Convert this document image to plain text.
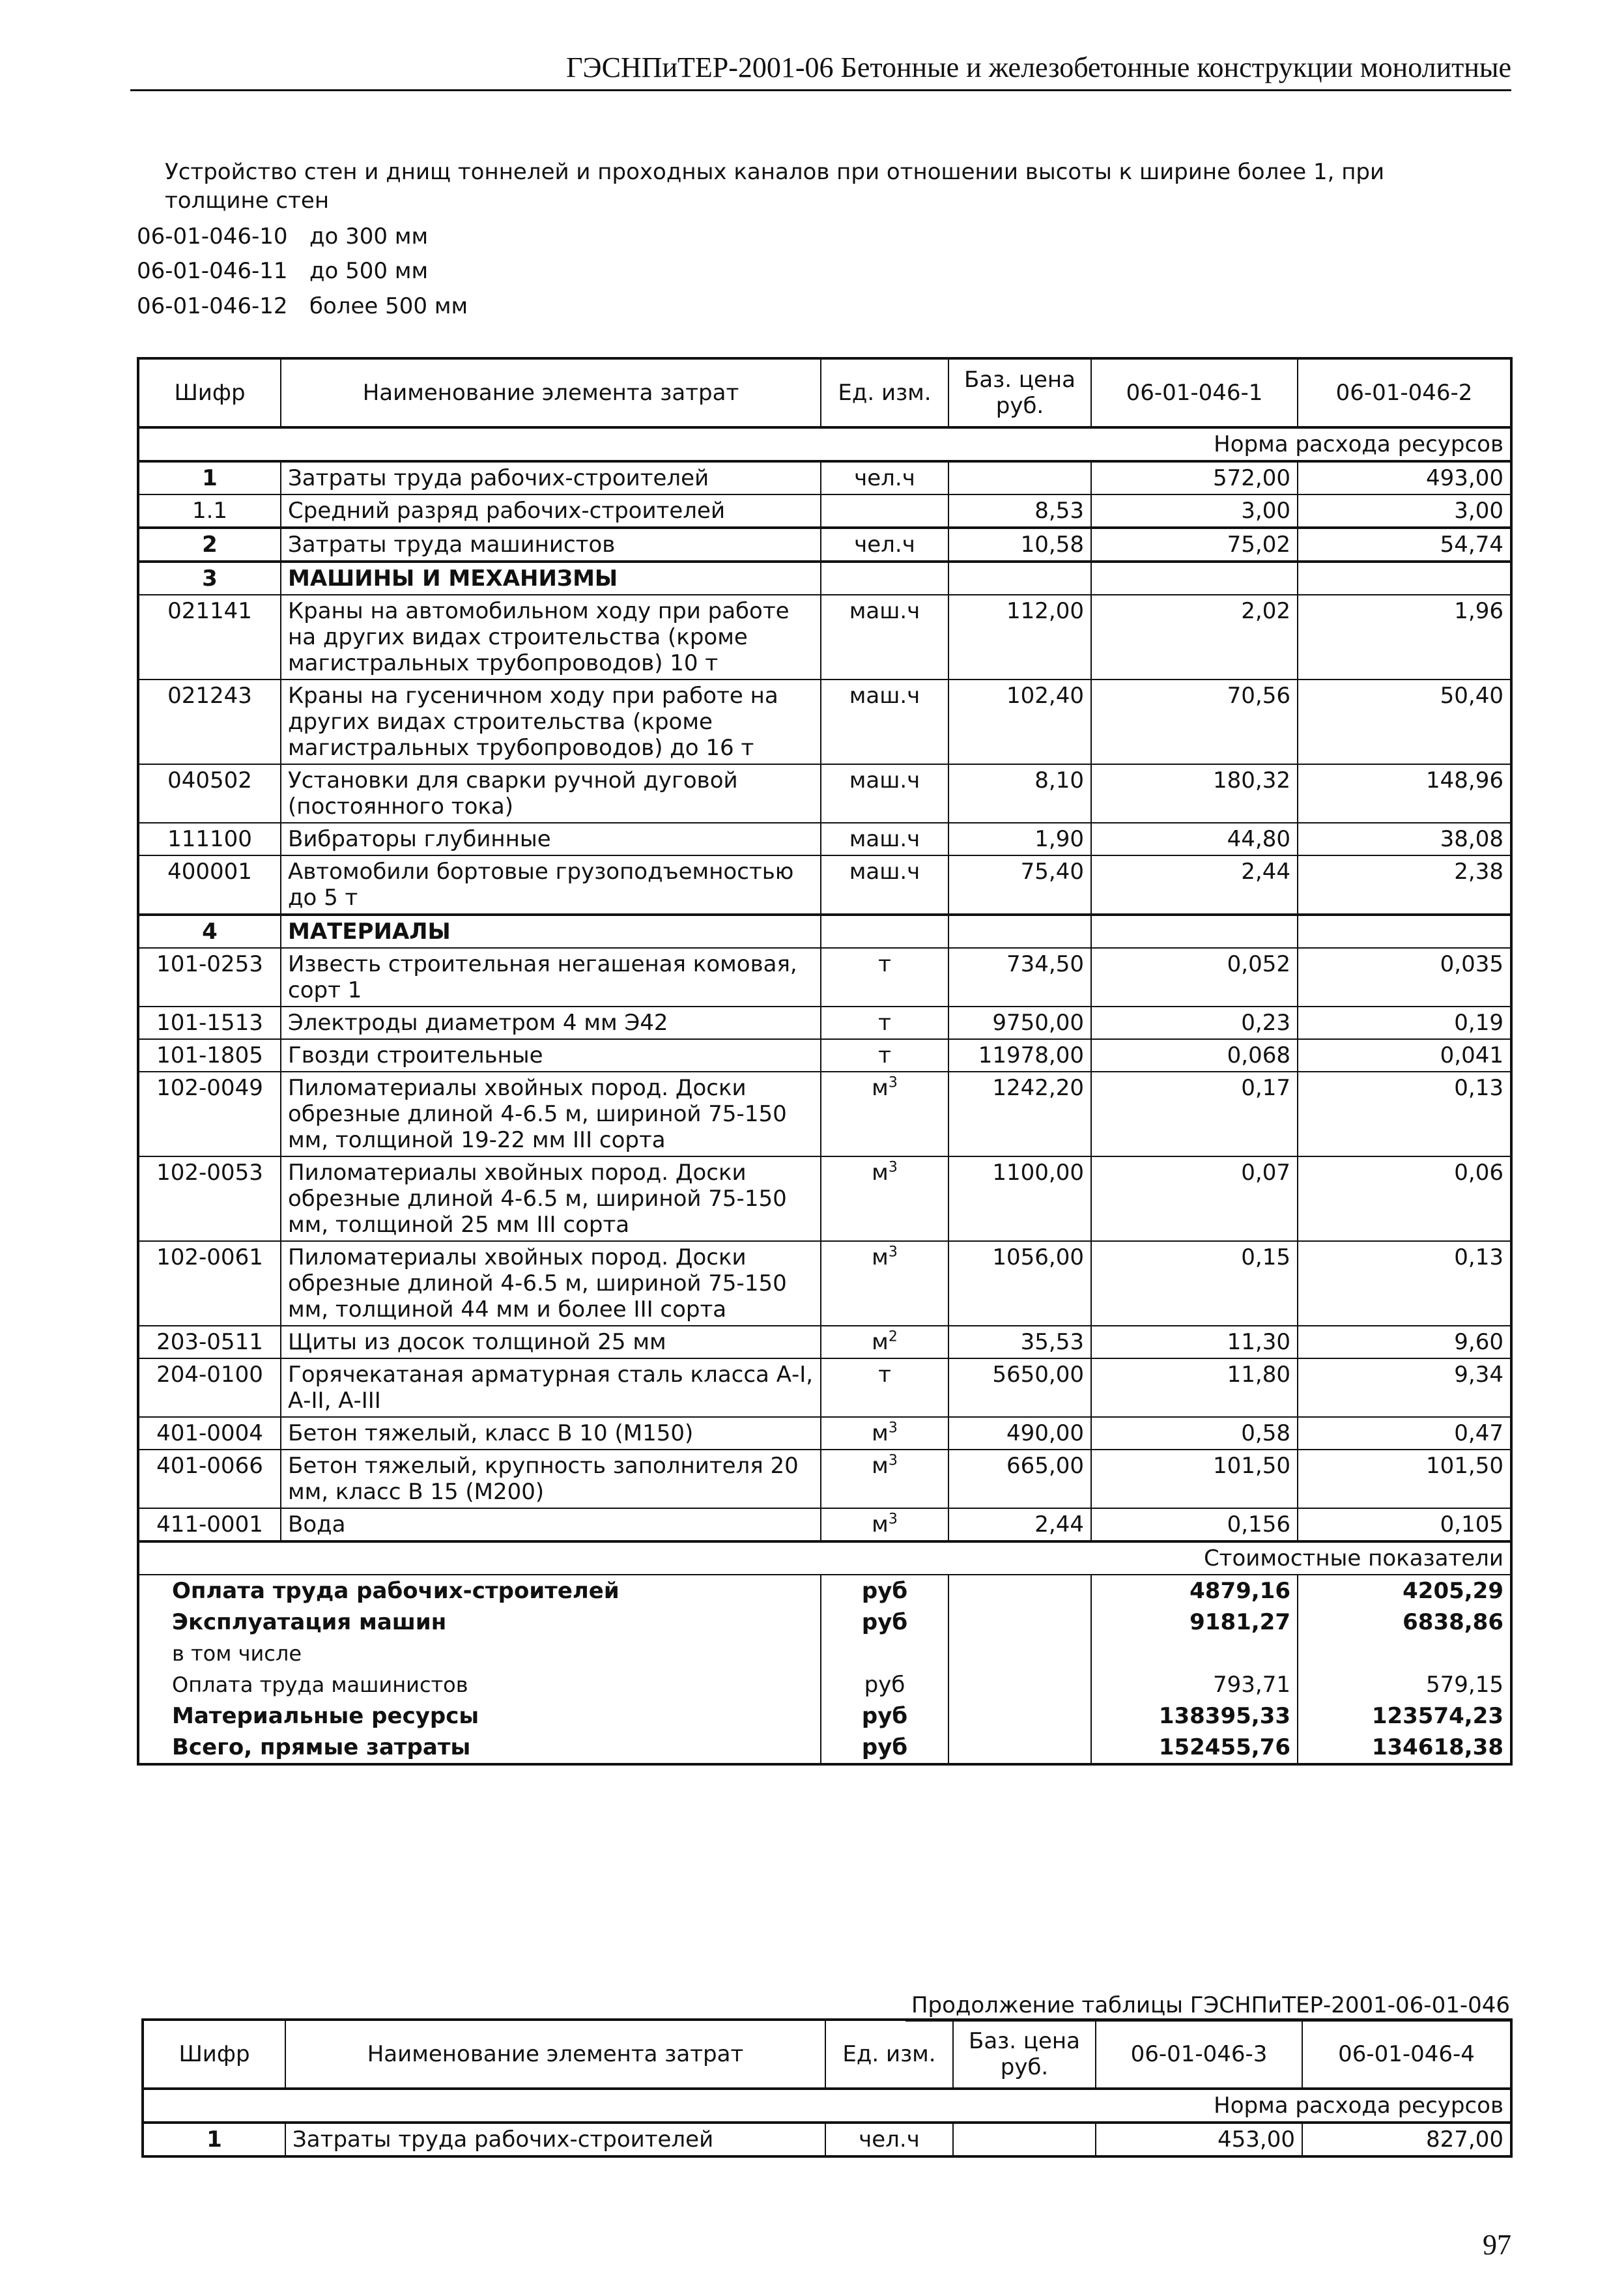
ГЭСНПиТЕР-2001-06 Бетонные и железобетонные конструкции монолитные
Устройство стен и днищ тоннелей и проходных каналов при отношении высоты к ширине более 1, при толщине стен
06-01-046-10 до 300 мм
06-01-046-11 до 500 мм
06-01-046-12 более 500 мм
Шифр	Наименование элемента затрат	Ед. изм.	Баз. цена руб.	06-01-046-1	06-01-046-2
Норма расхода ресурсов					
1	Затраты труда рабочих-строителей	чел.ч		572,00	493,00
1.1	Средний разряд рабочих-строителей		8,53	3,00	3,00
2	Затраты труда машинистов	чел.ч	10,58	75,02	54,74
3	МАШИНЫ И МЕХАНИЗМЫ				
021141	Краны на автомобильном ходу при работе на других видах строительства (кроме магистральных трубопроводов) 10 т	маш.ч	112,00	2,02	1,96
021243	Краны на гусеничном ходу при работе на других видах строительства (кроме магистральных трубопроводов) до 16 т	маш.ч	102,40	70,56	50,40
040502	Установки для сварки ручной дуговой (постоянного тока)	маш.ч	8,10	180,32	148,96
111100	Вибраторы глубинные	маш.ч	1,90	44,80	38,08
400001	Автомобили бортовые грузоподъемностью до 5 т	маш.ч	75,40	2,44	2,38
4	МАТЕРИАЛЫ				
101-0253	Известь строительная негашеная комовая, сорт 1	т	734,50	0,052	0,035
101-1513	Электроды диаметром 4 мм Э42	т	9750,00	0,23	0,19
101-1805	Гвозди строительные	т	11978,00	0,068	0,041
102-0049	Пиломатериалы хвойных пород. Доски обрезные длиной 4-6.5 м, шириной 75-150 мм, толщиной 19-22 мм III сорта	$м^3$	1242,20	0,17	0,13
102-0053	Пиломатериалы хвойных пород. Доски обрезные длиной 4-6.5 м, шириной 75-150 мм, толщиной 25 мм III сорта	$м^3$	1100,00	0,07	0,06
102-0061	Пиломатериалы хвойных пород. Доски обрезные длиной 4-6.5 м, шириной 75-150 мм, толщиной 44 мм и более III сорта	$м^3$	1056,00	0,15	0,13
203-0511	Щиты из досок толщиной 25 мм	$м^2$	35,53	11,30	9,60
204-0100	Горячекатаная арматурная сталь класса А-I, А-II, А-III	т	5650,00	11,80	9,34
401-0004	Бетон тяжелый, класс В 10 (М150)	$м^3$	490,00	0,58	0,47
401-0066	Бетон тяжелый, крупность заполнителя 20 мм, класс В 15 (М200)	$м^3$	665,00	101,50	101,50
411-0001	Вода	$м^3$	2,44	0,156	0,105
Стоимостные показатели					
Оплата труда рабочих-строителей		руб		4879,16	4205,29
Эксплуатация машин		руб		9181,27	6838,86
в том числе					
Оплата труда машинистов		руб		793,71	579,15
Материальные ресурсы		руб		138395,33	123574,23
Всего, прямые затраты		руб		152455,76	134618,38
Продолжение таблицы ГЭСНПиТЕР-2001-06-01-046
Шифр	Наименование элемента затрат	Ед. изм.	Баз. цена руб.	06-01-046-3	06-01-046-4
Норма расхода ресурсов					
1	Затраты труда рабочих-строителей	чел.ч		453,00	827,00
97
